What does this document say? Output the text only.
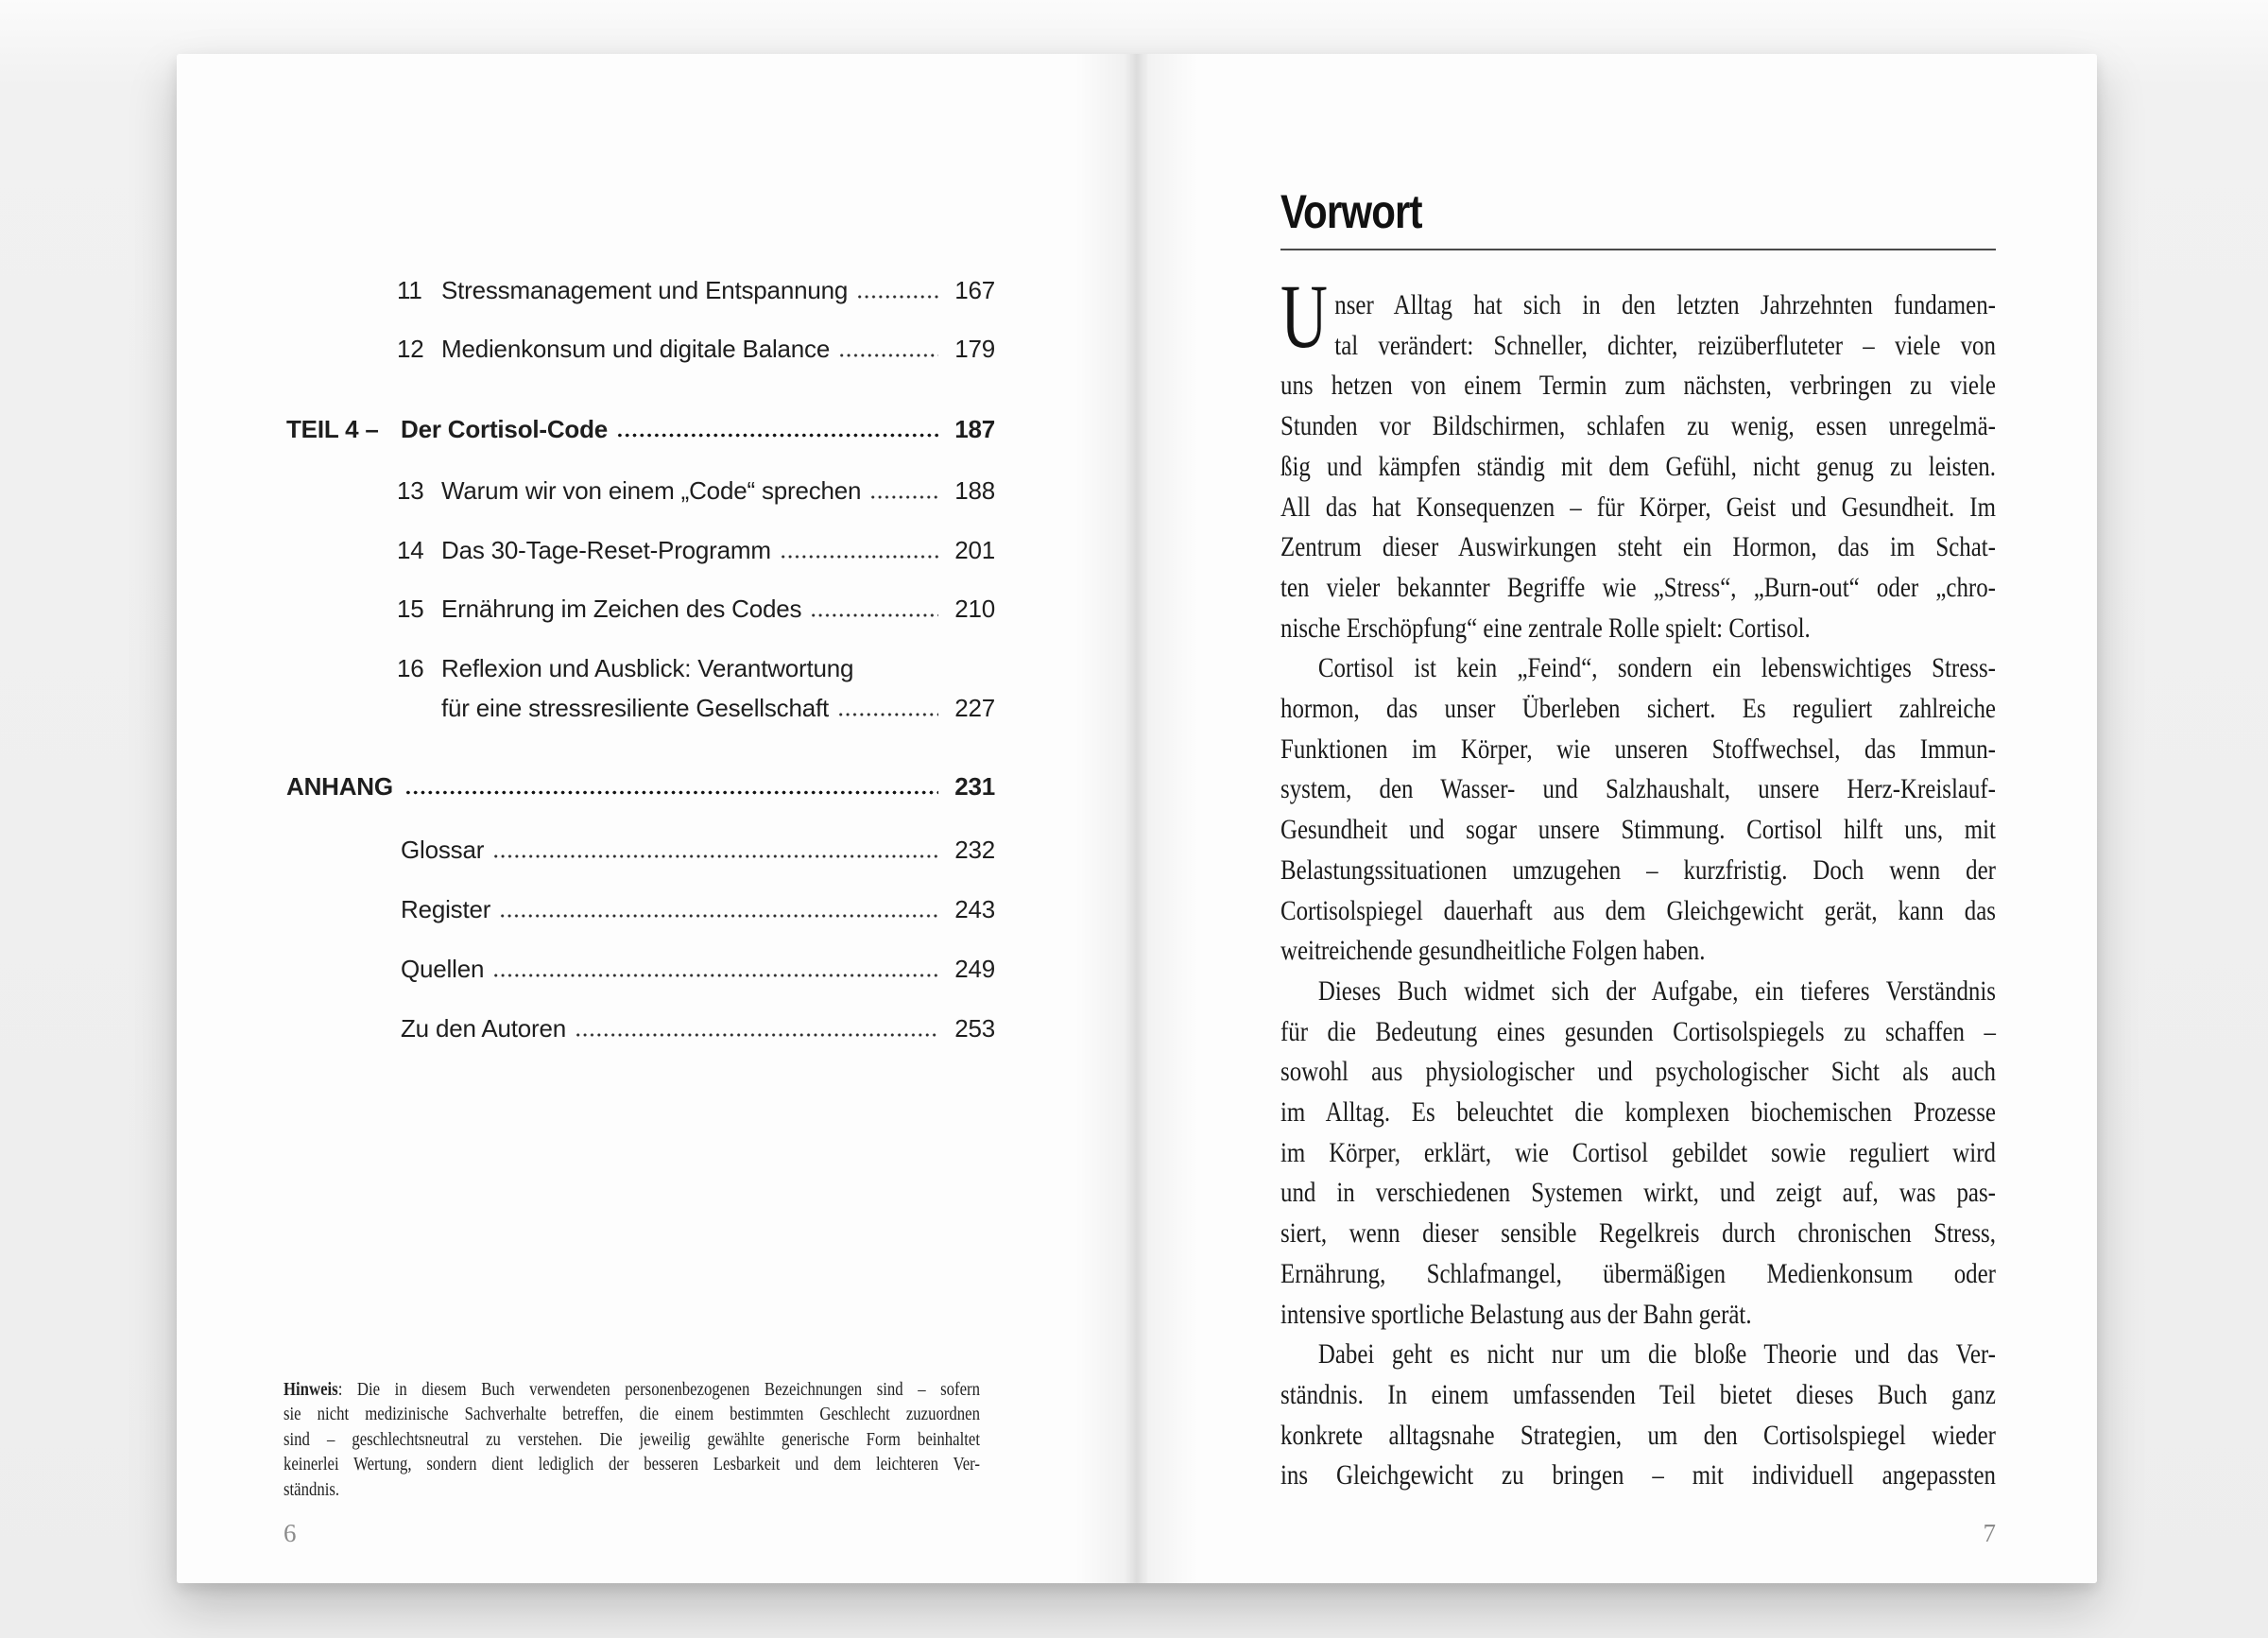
11 Stressmanagement und Entspannung	167
12 Medienkonsum und digitale Balance	179
TEIL 4 – Der Cortisol-Code	187
13 Warum wir von einem „Code“ sprechen	188
14 Das 30-Tage-Reset-Programm	201
15 Ernährung im Zeichen des Codes	210
16 Reflexion und Ausblick: Verantwortung
für eine stressresiliente Gesellschaft	227
ANHANG	231
Glossar	232
Register	243
Quellen	249
Zu den Autoren	253
Hinweis: Die in diesem Buch verwendeten personenbezogenen Bezeichnungen sind – sofern
sie nicht medizinische Sachverhalte betreffen, die einem bestimmten Geschlecht zuzuordnen
sind – geschlechtsneutral zu verstehen. Die jeweilig gewählte generische Form beinhaltet
keinerlei Wertung, sondern dient lediglich der besseren Lesbarkeit und dem leichteren Ver-
ständnis.
6
Vorwort
U nser Alltag hat sich in den letzten Jahrzehnten fundamen-
tal verändert: Schneller, dichter, reizüberfluteter – viele von
uns hetzen von einem Termin zum nächsten, verbringen zu viele
Stunden vor Bildschirmen, schlafen zu wenig, essen unregelmä-
ßig und kämpfen ständig mit dem Gefühl, nicht genug zu leisten.
All das hat Konsequenzen – für Körper, Geist und Gesundheit. Im
Zentrum dieser Auswirkungen steht ein Hormon, das im Schat-
ten vieler bekannter Begriffe wie „Stress“, „Burn-out“ oder „chro-
nische Erschöpfung“ eine zentrale Rolle spielt: Cortisol.
Cortisol ist kein „Feind“, sondern ein lebenswichtiges Stress-
hormon, das unser Überleben sichert. Es reguliert zahlreiche
Funktionen im Körper, wie unseren Stoffwechsel, das Immun-
system, den Wasser- und Salzhaushalt, unsere Herz-Kreislauf-
Gesundheit und sogar unsere Stimmung. Cortisol hilft uns, mit
Belastungssituationen umzugehen – kurzfristig. Doch wenn der
Cortisolspiegel dauerhaft aus dem Gleichgewicht gerät, kann das
weitreichende gesundheitliche Folgen haben.
Dieses Buch widmet sich der Aufgabe, ein tieferes Verständnis
für die Bedeutung eines gesunden Cortisolspiegels zu schaffen –
sowohl aus physiologischer und psychologischer Sicht als auch
im Alltag. Es beleuchtet die komplexen biochemischen Prozesse
im Körper, erklärt, wie Cortisol gebildet sowie reguliert wird
und in verschiedenen Systemen wirkt, und zeigt auf, was pas-
siert, wenn dieser sensible Regelkreis durch chronischen Stress,
Ernährung, Schlafmangel, übermäßigen Medienkonsum oder
intensive sportliche Belastung aus der Bahn gerät.
Dabei geht es nicht nur um die bloße Theorie und das Ver-
ständnis. In einem umfassenden Teil bietet dieses Buch ganz
konkrete alltagsnahe Strategien, um den Cortisolspiegel wieder
ins Gleichgewicht zu bringen – mit individuell angepassten
7
